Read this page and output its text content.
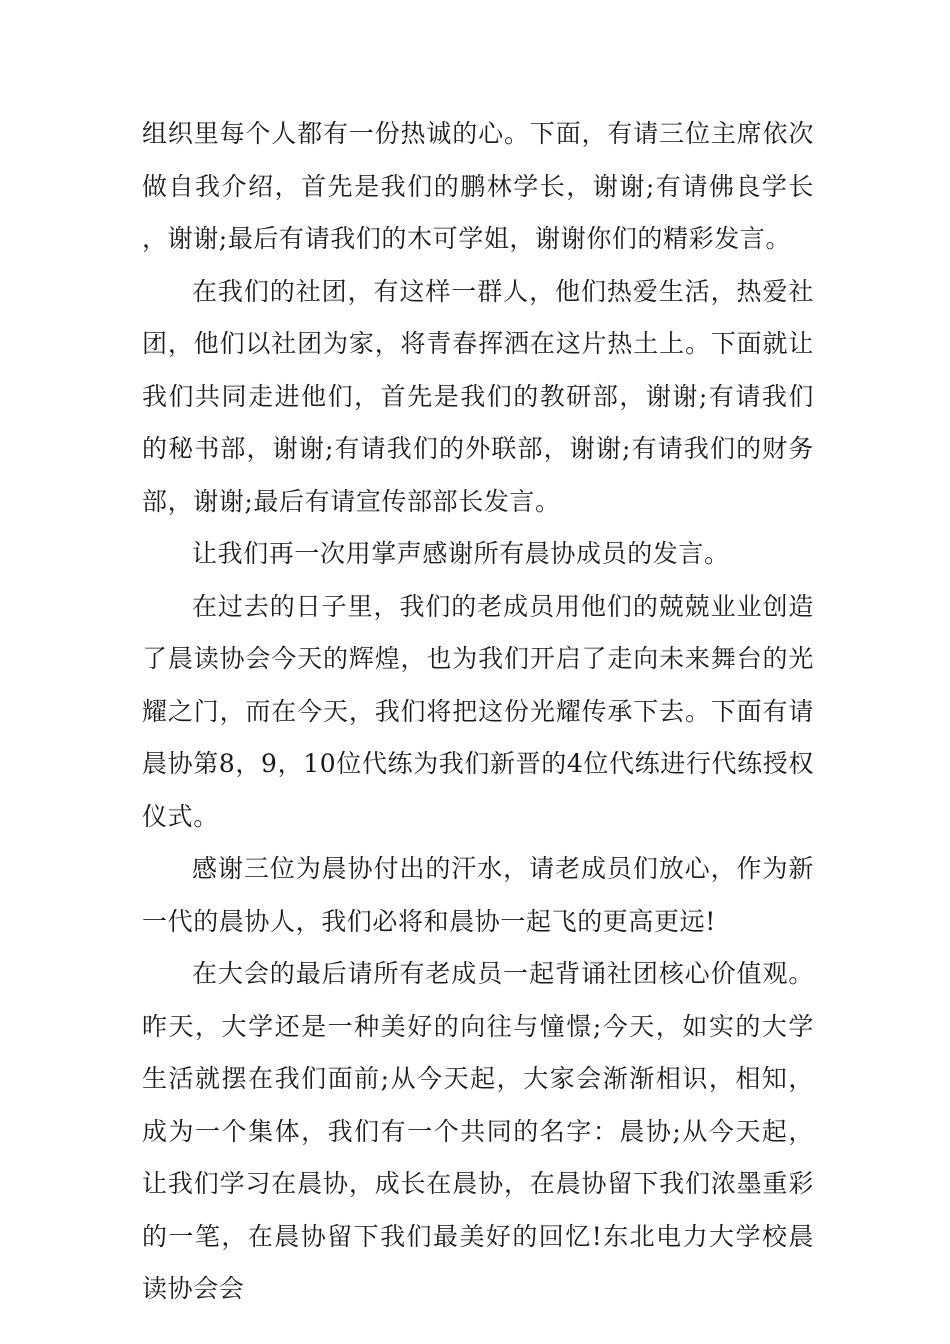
组织里每个人都有一份热诚的心。下面，有请三位主席依次做自我介绍，首先是我们的鹏林学长，谢谢;有请佛良学长，谢谢;最后有请我们的木可学姐，谢谢你们的精彩发言。

在我们的社团，有这样一群人，他们热爱生活，热爱社团，他们以社团为家，将青春挥洒在这片热土上。下面就让我们共同走进他们，首先是我们的教研部，谢谢;有请我们的秘书部，谢谢;有请我们的外联部，谢谢;有请我们的财务部，谢谢;最后有请宣传部部长发言。

让我们再一次用掌声感谢所有晨协成员的发言。

在过去的日子里，我们的老成员用他们的兢兢业业创造了晨读协会今天的辉煌，也为我们开启了走向未来舞台的光耀之门，而在今天，我们将把这份光耀传承下去。下面有请晨协第8，9，10位代练为我们新晋的4位代练进行代练授权仪式。

感谢三位为晨协付出的汗水，请老成员们放心，作为新一代的晨协人，我们必将和晨协一起飞的更高更远!

在大会的最后请所有老成员一起背诵社团核心价值观。昨天，大学还是一种美好的向往与憧憬;今天，如实的大学生活就摆在我们面前;从今天起，大家会渐渐相识，相知，成为一个集体，我们有一个共同的名字：晨协;从今天起，让我们学习在晨协，成长在晨协，在晨协留下我们浓墨重彩的一笔，在晨协留下我们最美好的回忆!东北电力大学校晨读协会会
